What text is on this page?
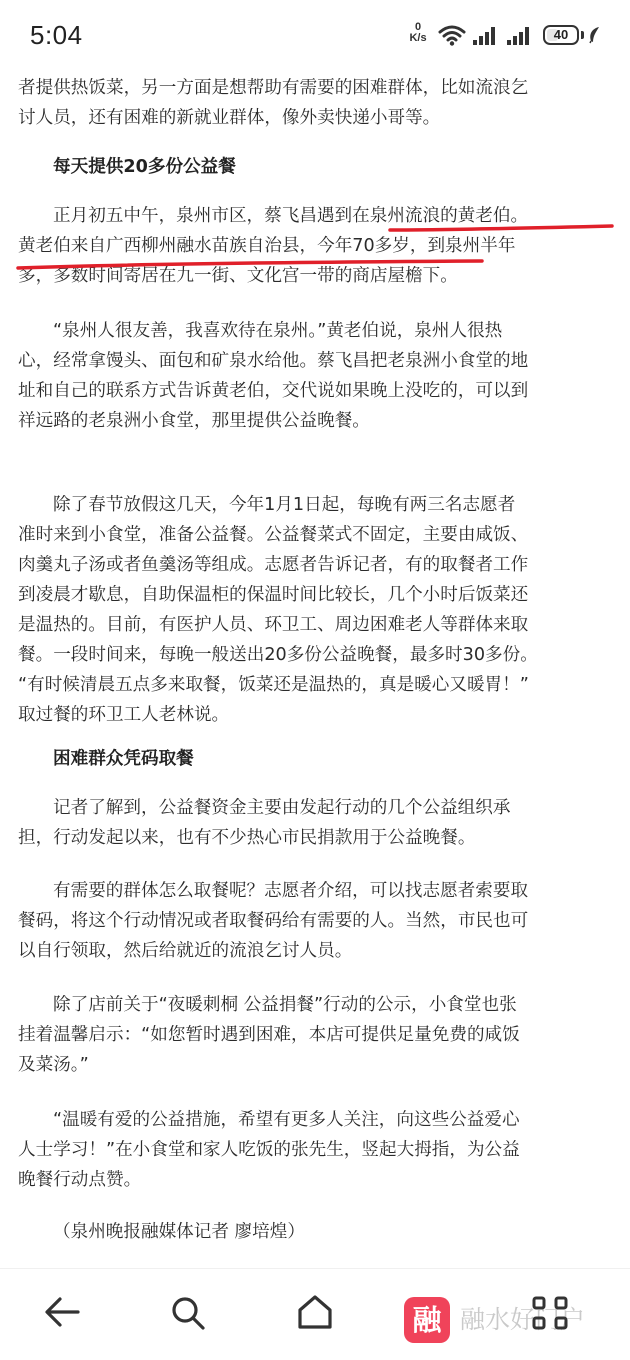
5:04	0
K/s	40
者提供热饭菜，另一方面是想帮助有需要的困难群体，比如流浪乞
讨人员，还有困难的新就业群体，像外卖快递小哥等。
每天提供20多份公益餐
正月初五中午，泉州市区，蔡飞昌遇到在泉州流浪的黄老伯。
黄老伯来自广西柳州融水苗族自治县，今年70多岁，到泉州半年
多，多数时间寄居在九一街、文化宫一带的商店屋檐下。
“泉州人很友善，我喜欢待在泉州。”黄老伯说，泉州人很热
心，经常拿馒头、面包和矿泉水给他。蔡飞昌把老泉洲小食堂的地
址和自己的联系方式告诉黄老伯，交代说如果晚上没吃的，可以到
祥远路的老泉洲小食堂，那里提供公益晚餐。
除了春节放假这几天，今年1月1日起，每晚有两三名志愿者
准时来到小食堂，准备公益餐。公益餐菜式不固定，主要由咸饭、
肉羹丸子汤或者鱼羹汤等组成。志愿者告诉记者，有的取餐者工作
到凌晨才歇息，自助保温柜的保温时间比较长，几个小时后饭菜还
是温热的。目前，有医护人员、环卫工、周边困难老人等群体来取
餐。一段时间来，每晚一般送出20多份公益晚餐，最多时30多份。
“有时候清晨五点多来取餐，饭菜还是温热的，真是暖心又暖胃！”
取过餐的环卫工人老林说。
困难群众凭码取餐
记者了解到，公益餐资金主要由发起行动的几个公益组织承
担，行动发起以来，也有不少热心市民捐款用于公益晚餐。
有需要的群体怎么取餐呢？志愿者介绍，可以找志愿者索要取
餐码，将这个行动情况或者取餐码给有需要的人。当然，市民也可
以自行领取，然后给就近的流浪乞讨人员。
除了店前关于“夜暖刺桐 公益捐餐”行动的公示，小食堂也张
挂着温馨启示：“如您暂时遇到困难，本店可提供足量免费的咸饭
及菜汤。”
“温暖有爱的公益措施，希望有更多人关注，向这些公益爱心
人士学习！”在小食堂和家人吃饭的张先生，竖起大拇指，为公益
晚餐行动点赞。
（泉州晚报融媒体记者 廖培煌）
融 融水好门户
